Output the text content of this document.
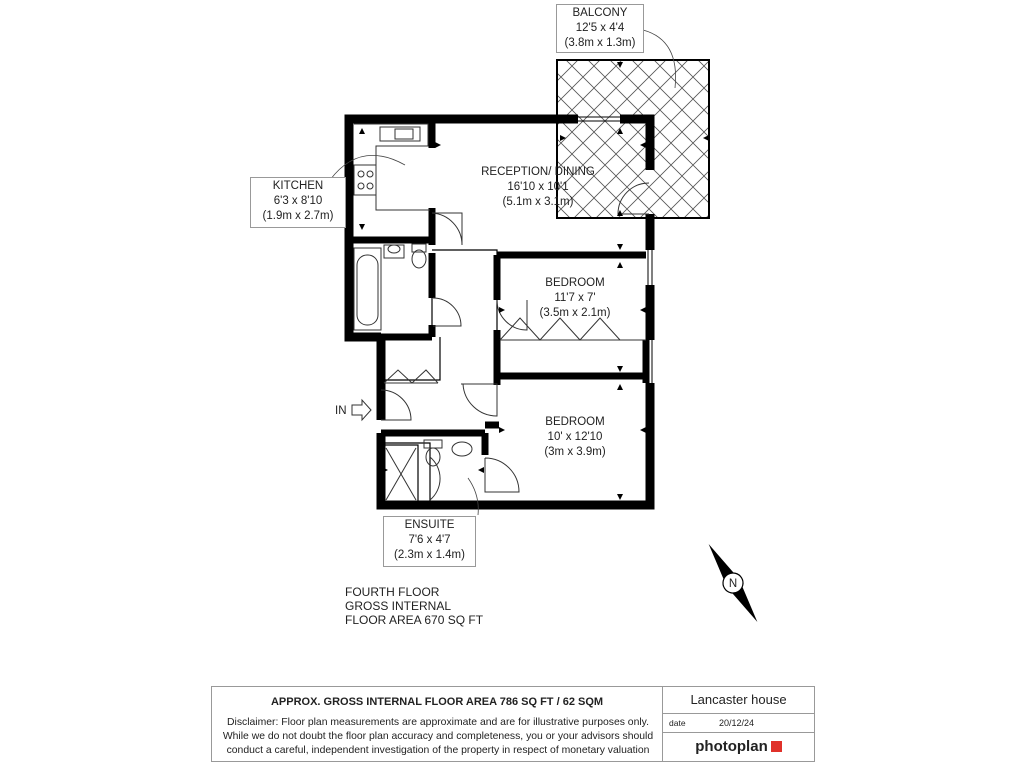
RECEPTION/ DINING
16'10 x 10'1
(5.1m x 3.1m)
BEDROOM
11'7 x 7'
(3.5m x 2.1m)
BEDROOM
10' x 12'10
(3m x 3.9m)
IN
N
BALCONY
12'5 x 4'4
(3.8m x 1.3m)
KITCHEN
6'3 x 8'10
(1.9m x 2.7m)
ENSUITE
7'6 x 4'7
(2.3m x 1.4m)
FOURTH FLOOR
GROSS INTERNAL
FLOOR AREA 670 SQ FT
APPROX. GROSS INTERNAL FLOOR AREA 786 SQ FT / 62 SQM
Disclaimer: Floor plan measurements are approximate and are for illustrative purposes only.
While we do not doubt the floor plan accuracy and completeness, you or your advisors should
conduct a careful, independent investigation of the property in respect of monetary valuation
Lancaster house
date	20/12/24
photoplan
